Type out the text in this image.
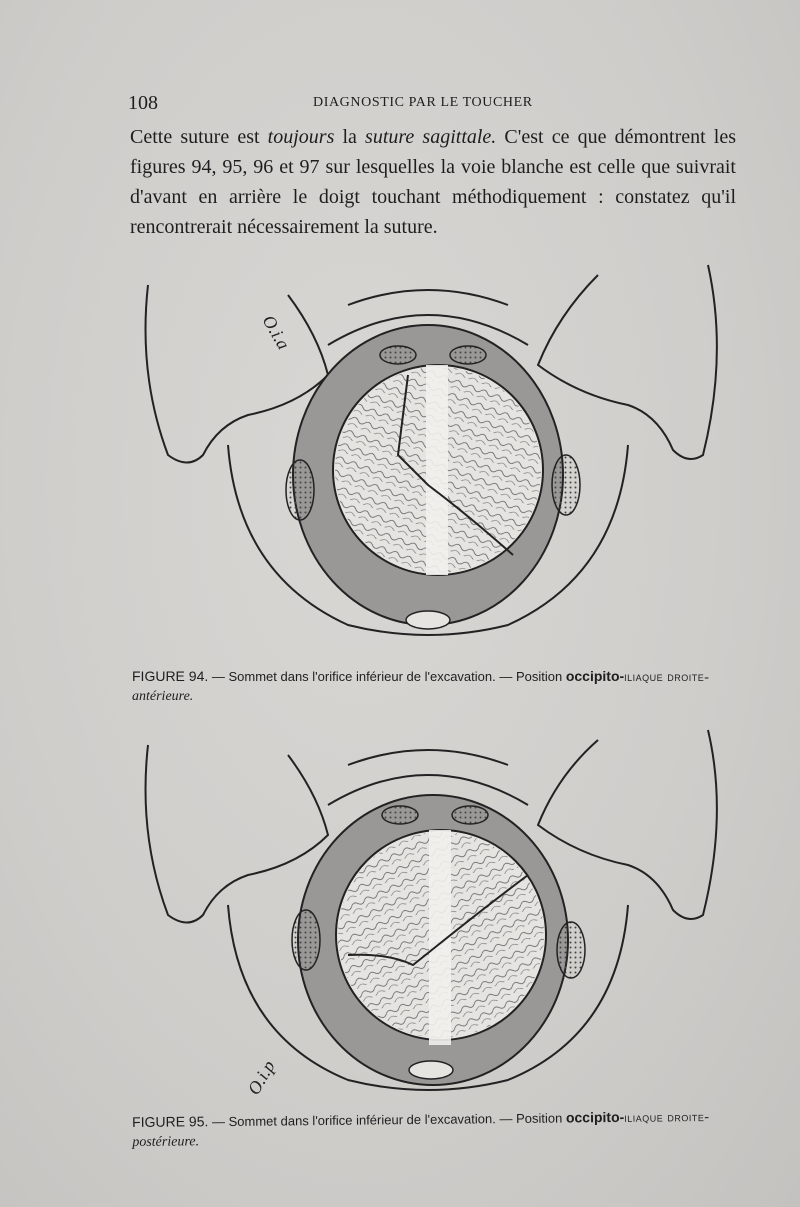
108	DIAGNOSTIC PAR LE TOUCHER

Cette suture est toujours la suture sagittale. C'est ce que démontrent les figures 94, 95, 96 et 97 sur lesquelles la voie blanche est celle que suivrait d'avant en arrière le doigt touchant méthodiquement : constatez qu'il rencontrerait nécessairement la suture.

O.i.a

FIGURE 94. — Sommet dans l'orifice inférieur de l'excavation. — Position occipito-iliaque droite-antérieure.

O.i.p

FIGURE 95. — Sommet dans l'orifice inférieur de l'excavation. — Position occipito-iliaque droite-postérieure.
